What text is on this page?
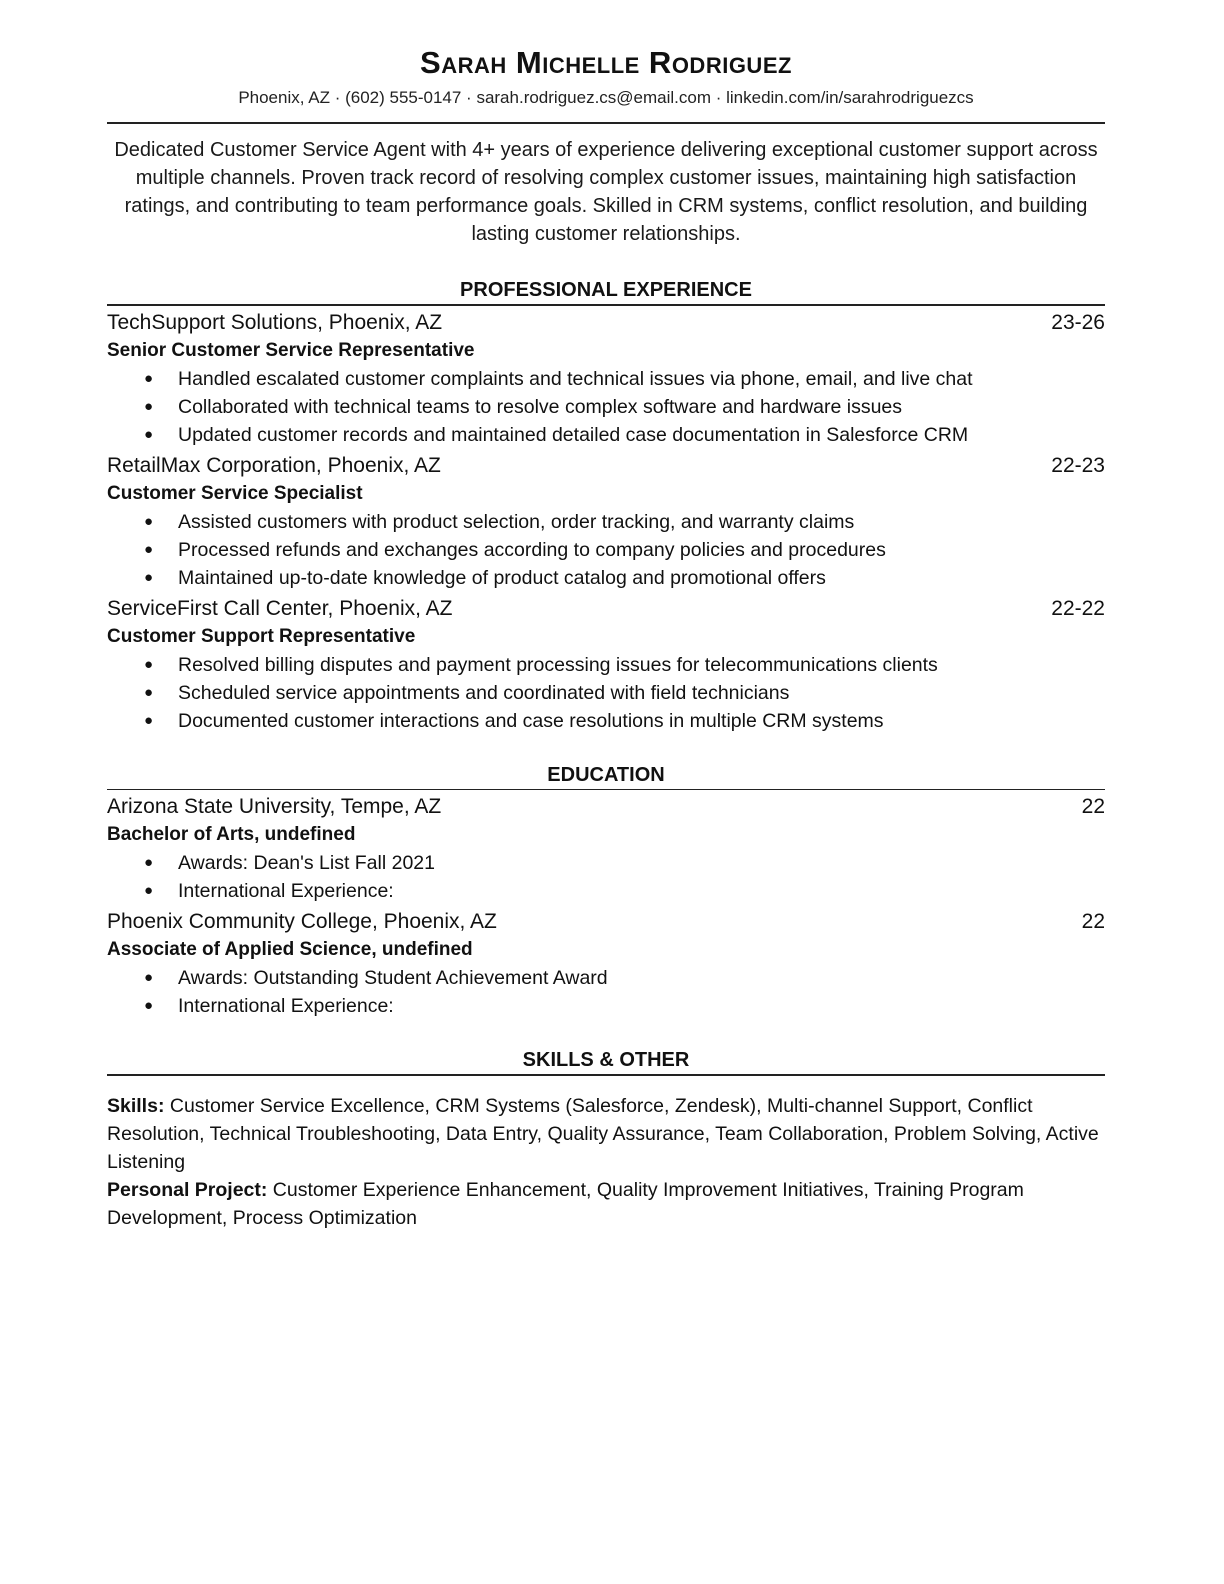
Sarah Michelle Rodriguez
Phoenix, AZ · (602) 555-0147 · sarah.rodriguez.cs@email.com · linkedin.com/in/sarahrodriguezcs
Dedicated Customer Service Agent with 4+ years of experience delivering exceptional customer support across multiple channels. Proven track record of resolving complex customer issues, maintaining high satisfaction ratings, and contributing to team performance goals. Skilled in CRM systems, conflict resolution, and building lasting customer relationships.
PROFESSIONAL EXPERIENCE
TechSupport Solutions, Phoenix, AZ	23-26
Senior Customer Service Representative
● Handled escalated customer complaints and technical issues via phone, email, and live chat
● Collaborated with technical teams to resolve complex software and hardware issues
● Updated customer records and maintained detailed case documentation in Salesforce CRM
RetailMax Corporation, Phoenix, AZ	22-23
Customer Service Specialist
● Assisted customers with product selection, order tracking, and warranty claims
● Processed refunds and exchanges according to company policies and procedures
● Maintained up-to-date knowledge of product catalog and promotional offers
ServiceFirst Call Center, Phoenix, AZ	22-22
Customer Support Representative
● Resolved billing disputes and payment processing issues for telecommunications clients
● Scheduled service appointments and coordinated with field technicians
● Documented customer interactions and case resolutions in multiple CRM systems
EDUCATION
Arizona State University, Tempe, AZ	22
Bachelor of Arts, undefined
● Awards: Dean's List Fall 2021
● International Experience:
Phoenix Community College, Phoenix, AZ	22
Associate of Applied Science, undefined
● Awards: Outstanding Student Achievement Award
● International Experience:
SKILLS & OTHER
Skills: Customer Service Excellence, CRM Systems (Salesforce, Zendesk), Multi-channel Support, Conflict Resolution, Technical Troubleshooting, Data Entry, Quality Assurance, Team Collaboration, Problem Solving, Active Listening
Personal Project: Customer Experience Enhancement, Quality Improvement Initiatives, Training Program Development, Process Optimization
